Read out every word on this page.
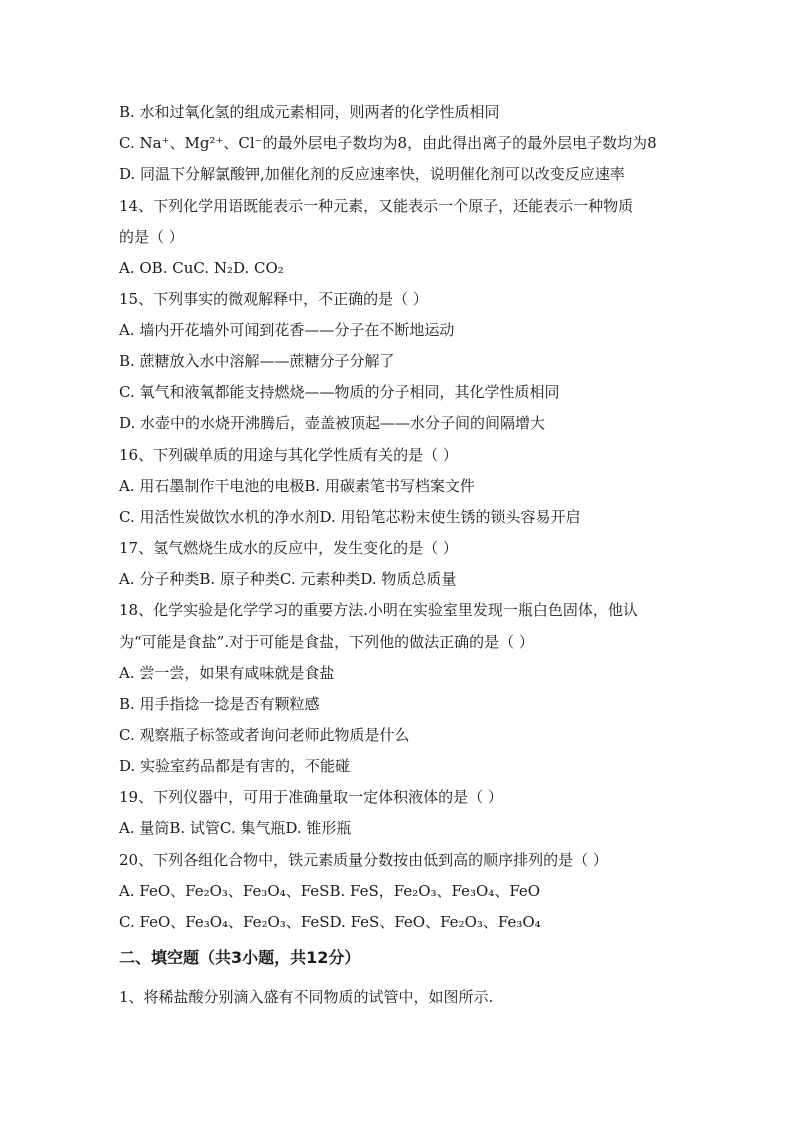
B. 水和过氧化氢的组成元素相同，则两者的化学性质相同
C. Na⁺、Mg²⁺、Cl⁻的最外层电子数均为8，由此得出离子的最外层电子数均为8
D. 同温下分解氯酸钾,加催化剂的反应速率快，说明催化剂可以改变反应速率
14、下列化学用语既能表示一种元素，又能表示一个原子，还能表示一种物质
的是（ ）
A. OB. CuC. N₂D. CO₂
15、下列事实的微观解释中，不正确的是（ ）
A. 墙内开花墙外可闻到花香——分子在不断地运动
B. 蔗糖放入水中溶解——蔗糖分子分解了
C. 氧气和液氧都能支持燃烧——物质的分子相同，其化学性质相同
D. 水壶中的水烧开沸腾后，壶盖被顶起——水分子间的间隔增大
16、下列碳单质的用途与其化学性质有关的是（ ）
A. 用石墨制作干电池的电极B. 用碳素笔书写档案文件
C. 用活性炭做饮水机的净水剂D. 用铅笔芯粉末使生锈的锁头容易开启
17、氢气燃烧生成水的反应中，发生变化的是（ ）
A. 分子种类B. 原子种类C. 元素种类D. 物质总质量
18、化学实验是化学学习的重要方法.小明在实验室里发现一瓶白色固体，他认
为“可能是食盐”.对于可能是食盐，下列他的做法正确的是（ ）
A. 尝一尝，如果有咸味就是食盐
B. 用手指捻一捻是否有颗粒感
C. 观察瓶子标签或者询问老师此物质是什么
D. 实验室药品都是有害的，不能碰
19、下列仪器中，可用于准确量取一定体积液体的是（ ）
A. 量筒B. 试管C. 集气瓶D. 锥形瓶
20、下列各组化合物中，铁元素质量分数按由低到高的顺序排列的是（ ）
A. FeO、Fe₂O₃、Fe₃O₄、FeSB. FeS，Fe₂O₃、Fe₃O₄、FeO
C. FeO、Fe₃O₄、Fe₂O₃、FeSD. FeS、FeO、Fe₂O₃、Fe₃O₄
二、填空题（共3小题，共12分）
1、将稀盐酸分别滴入盛有不同物质的试管中，如图所示.
